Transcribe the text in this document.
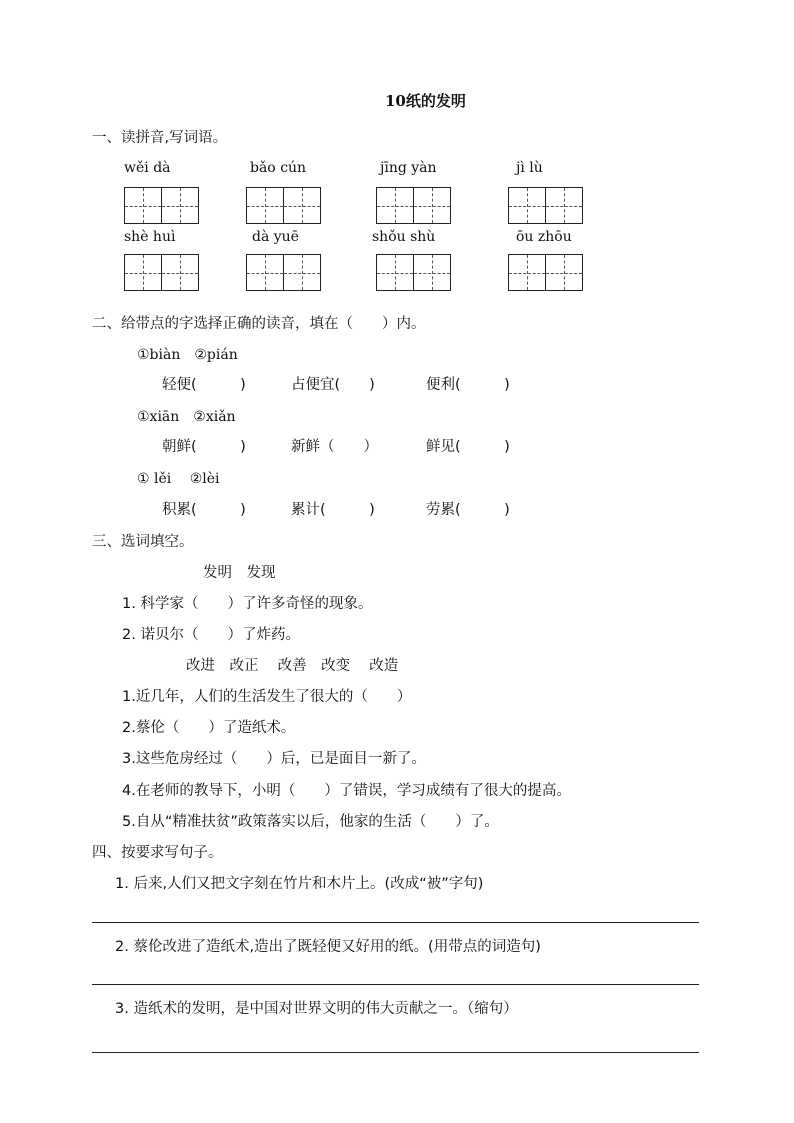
10纸的发明
一、读拼音,写词语。
wěi dà	bǎo cún	jīng yàn	jì lù
shè huì	dà yuē	shǒu shù	ōu zhōu
二、给带点的字选择正确的读音，填在（　　）内。
①biàn　②pián
轻便(　　　)	占便宜(　　)	便利(　　　)
①xiān　②xiǎn
朝鲜(　　　)	新鲜（　　）	鲜见(　　　)
① lěi　 ②lèi
积累(　　　)	累计(　　　)	劳累(　　　)
三、选词填空。
发明　发现
1. 科学家（　　）了许多奇怪的现象。
2. 诺贝尔（　　）了炸药。
改进　改正　 改善　改变　 改造
1.近几年，人们的生活发生了很大的（　　）
2.蔡伦（　　）了造纸术。
3.这些危房经过（　　）后，已是面目一新了。
4.在老师的教导下，小明（　　）了错误，学习成绩有了很大的提高。
5.自从“精准扶贫”政策落实以后，他家的生活（　　）了。
四、按要求写句子。
1. 后来,人们又把文字刻在竹片和木片上。(改成“被”字句)
2. 蔡伦改进了造纸术,造出了既轻便又好用的纸。(用带点的词造句)
3. 造纸术的发明，是中国对世界文明的伟大贡献之一。（缩句）
